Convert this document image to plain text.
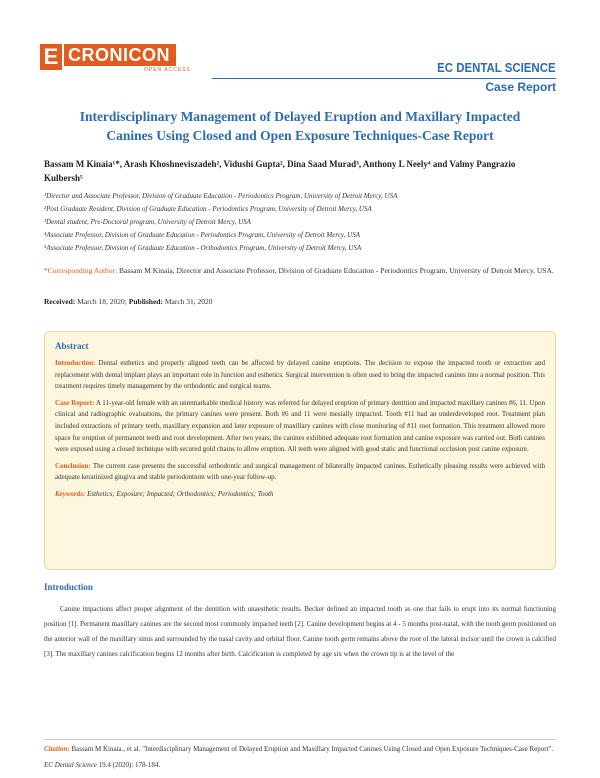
E CRONICON
OPEN ACCESS	EC DENTAL SCIENCE
Case Report
Interdisciplinary Management of Delayed Eruption and Maxillary Impacted Canines Using Closed and Open Exposure Techniques-Case Report
Bassam M Kinaia¹*, Arash Khoshneviszadeh², Vidushi Gupta², Dina Saad Murad³, Anthony L Neely⁴ and Valmy Pangrazio Kulbersh⁵
¹Director and Associate Professor, Division of Graduate Education - Periodontics Program, University of Detroit Mercy, USA
²Post Graduate Resident, Division of Graduate Education - Periodontics Program, University of Detroit Mercy, USA
³Dental student, Pre-Doctoral program, University of Detroit Mercy, USA
⁴Associate Professor, Division of Graduate Education - Periodontics Program, University of Detroit Mercy, USA
⁵Associate Professor, Division of Graduate Education - Orthodontics Program, University of Detroit Mercy, USA
*Corresponding Author: Bassam M Kinaia, Director and Associate Professor, Division of Graduate Education - Periodontics Program, University of Detroit Mercy, USA.
Received: March 18, 2020; Published: March 31, 2020
Abstract

Introduction: Dental esthetics and properly aligned teeth can be affected by delayed canine eruptions. The decision to expose the impacted tooth or extraction and replacement with dental implant plays an important role in function and esthetics. Surgical intervention is often used to bring the impacted canines into a normal position. This treatment requires timely management by the orthodontic and surgical teams.

Case Report: A 11-year-old female with an unremarkable medical history was referred for delayed eruption of primary dentition and impacted maxillary canines #6, 11. Upon clinical and radiographic evaluations, the primary canines were present. Both #6 and 11 were mesially impacted. Tooth #11 had an underdeveloped root. Treatment plan included extractions of primary teeth, maxillary expansion and later exposure of maxillary canines with close monitoring of #11 root formation. This treatment allowed more space for eruption of permanent teeth and root development. After two years, the canines exhibited adequate root formation and canine exposure was carried out. Both canines were exposed using a closed technique with secured gold chains to allow eruption. All teeth were aligned with good static and functional occlusion post canine exposure.

Conclusion: The current case presents the successful orthodontic and surgical management of bilaterally impacted canines. Esthetically pleasing results were achieved with adequate keratinized gingiva and stable periodontium with one-year follow-up.

Keywords: Esthetics; Exposure; Impacted; Orthodontics; Periodontics; Tooth

Introduction

Canine impactions affect proper alignment of the dentition with unaesthetic results. Becker defined an impacted tooth as one that fails to erupt into its normal functioning position [1]. Permanent maxillary canines are the second most commonly impacted teeth [2]. Canine development begins at 4 - 5 months post-natal, with the tooth germ positioned on the anterior wall of the maxillary sinus and surrounded by the nasal cavity and orbital floor. Canine tooth germ remains above the root of the lateral incisor until the crown is calcified [3]. The maxillary canines calcification begins 12 months after birth. Calcification is completed by age six when the crown tip is at the level of the

Citation: Bassam M Kinaia., et al. "Interdisciplinary Management of Delayed Eruption and Maxillary Impacted Canines Using Closed and Open Exposure Techniques-Case Report". EC Dental Science 19.4 (2020): 178-184.
